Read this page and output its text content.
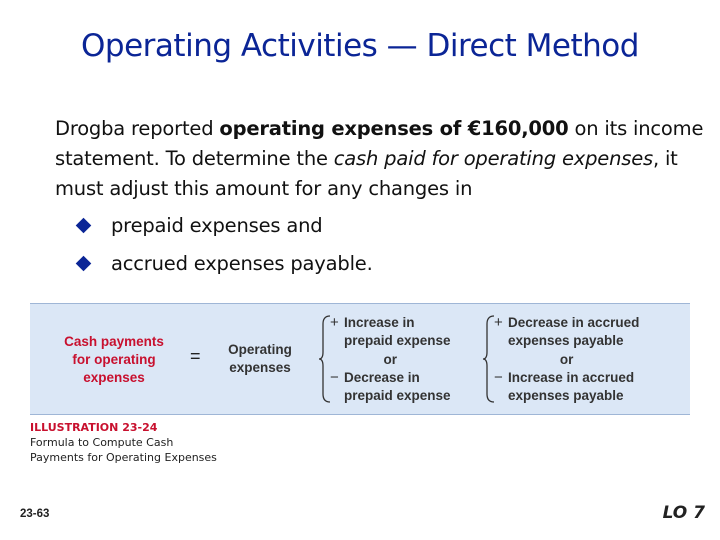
Operating Activities — Direct Method
Drogba reported operating expenses of €160,000 on its income statement. To determine the cash paid for operating expenses, it must adjust this amount for any changes in
prepaid expenses and
accrued expenses payable.
Cash payments
for operating
expenses
=	Operating
expenses
+ Increase in
prepaid expense
or
− Decrease in
prepaid expense
+ Decrease in accrued
expenses payable
or
− Increase in accrued
expenses payable
ILLUSTRATION 23-24
Formula to Compute Cash
Payments for Operating Expenses
23-63	LO 7
